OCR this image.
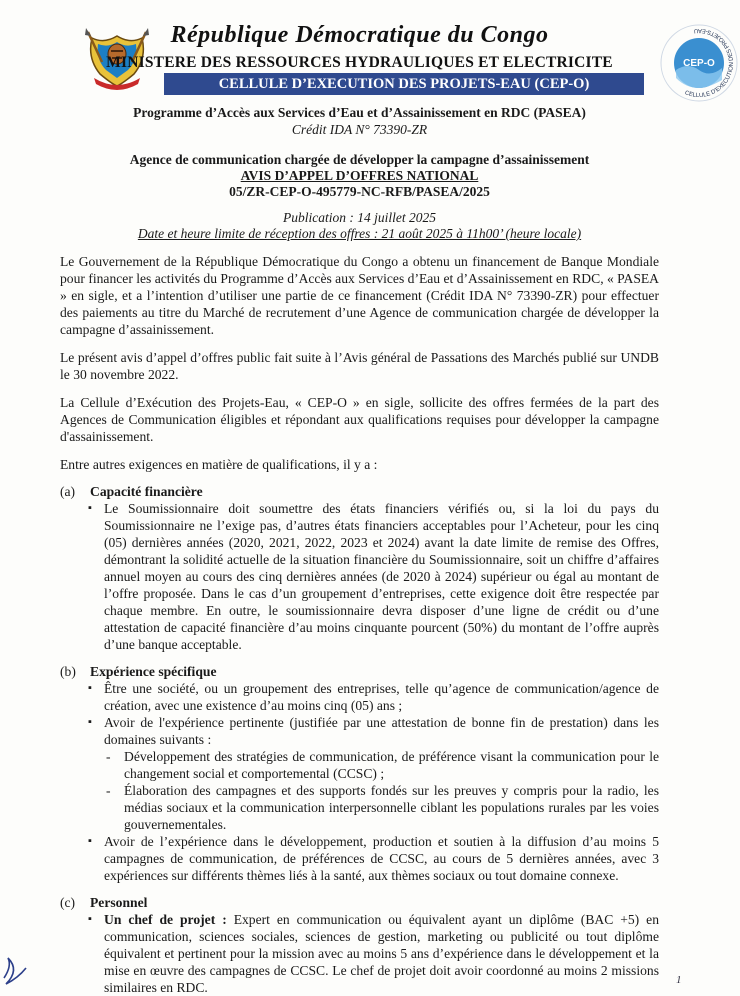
République Démocratique du Congo
MINISTERE DES RESSOURCES HYDRAULIQUES ET ELECTRICITE
CELLULE D’EXECUTION DES PROJETS-EAU (CEP-O)
CEP-O
CELLULE D'EXECUTION DES PROJETS-EAU
Programme d’Accès aux Services d’Eau et d’Assainissement en RDC (PASEA)
Crédit IDA N° 73390-ZR
Agence de communication chargée de développer la campagne d’assainissement
AVIS D’APPEL D’OFFRES NATIONAL
05/ZR-CEP-O-495779-NC-RFB/PASEA/2025
Publication : 14 juillet 2025
Date et heure limite de réception des offres : 21 août 2025 à 11h00’ (heure locale)

Le Gouvernement de la République Démocratique du Congo a obtenu un financement de Banque Mondiale pour financer les activités du Programme d’Accès aux Services d’Eau et d’Assainissement en RDC, « PASEA » en sigle, et a l’intention d’utiliser une partie de ce financement (Crédit IDA N° 73390-ZR) pour effectuer des paiements au titre du Marché de recrutement d’une Agence de communication chargée de développer la campagne d’assainissement.

Le présent avis d’appel d’offres public fait suite à l’Avis général de Passations des Marchés publié sur UNDB le 30 novembre 2022.

La Cellule d’Exécution des Projets-Eau, « CEP-O » en sigle, sollicite des offres fermées de la part des Agences de Communication éligibles et répondant aux qualifications requises pour développer la campagne d'assainissement.

Entre autres exigences en matière de qualifications, il y a :

(a) Capacité financière
▪ Le Soumissionnaire doit soumettre des états financiers vérifiés ou, si la loi du pays du Soumissionnaire ne l’exige pas, d’autres états financiers acceptables pour l’Acheteur, pour les cinq (05) dernières années (2020, 2021, 2022, 2023 et 2024) avant la date limite de remise des Offres, démontrant la solidité actuelle de la situation financière du Soumissionnaire, soit un chiffre d’affaires annuel moyen au cours des cinq dernières années (de 2020 à 2024) supérieur ou égal au montant de l’offre proposée. Dans le cas d’un groupement d’entreprises, cette exigence doit être respectée par chaque membre. En outre, le soumissionnaire devra disposer d’une ligne de crédit ou d’une attestation de capacité financière d’au moins cinquante pourcent (50%) du montant de l’offre auprès d’une banque acceptable.
(b) Expérience spécifique
▪ Être une société, ou un groupement des entreprises, telle qu’agence de communication/agence de création, avec une existence d’au moins cinq (05) ans ;
▪ Avoir de l'expérience pertinente (justifiée par une attestation de bonne fin de prestation) dans les domaines suivants :
- Développement des stratégies de communication, de préférence visant la communication pour le changement social et comportemental (CCSC) ;
- Élaboration des campagnes et des supports fondés sur les preuves y compris pour la radio, les médias sociaux et la communication interpersonnelle ciblant les populations rurales par les voies gouvernementales.
▪ Avoir de l’expérience dans le développement, production et soutien à la diffusion d’au moins 5 campagnes de communication, de préférences de CCSC, au cours de 5 dernières années, avec 3 expériences sur différents thèmes liés à la santé, aux thèmes sociaux ou tout domaine connexe.
(c) Personnel
▪ Un chef de projet : Expert en communication ou équivalent ayant un diplôme (BAC +5) en communication, sciences sociales, sciences de gestion, marketing ou publicité ou tout diplôme équivalent et pertinent pour la mission avec au moins 5 ans d’expérience dans le développement et la mise en œuvre des campagnes de CCSC. Le chef de projet doit avoir coordonné au moins 2 missions similaires en RDC.	1
